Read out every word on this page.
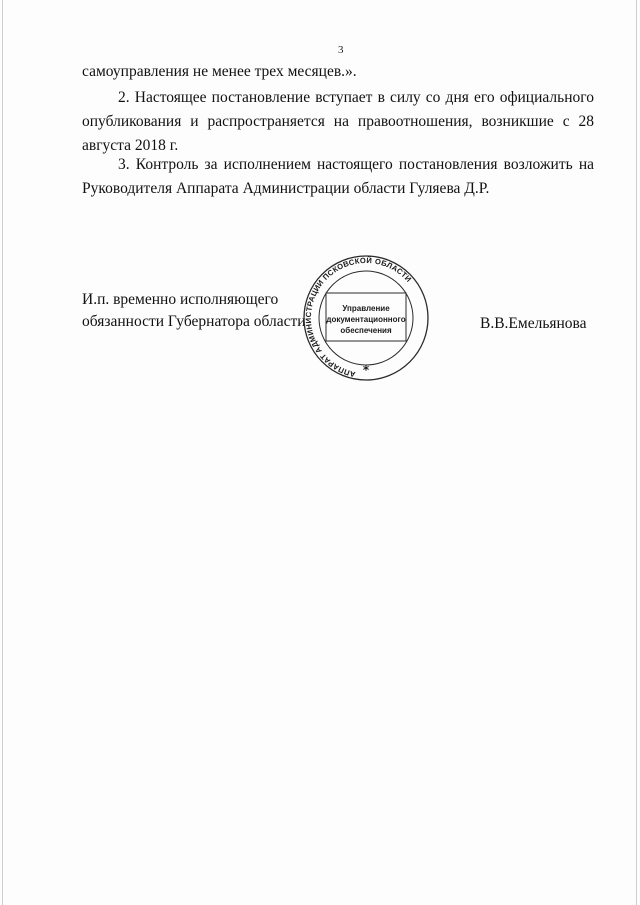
3
самоуправления не менее трех месяцев.».
2. Настоящее постановление вступает в силу со дня его официального опубликования и распространяется на правоотношения, возникшие с 28 августа 2018 г.
3. Контроль за исполнением настоящего постановления возложить на Руководителя Аппарата Администрации области Гуляева Д.Р.
И.п. временно исполняющего
обязанности Губернатора области
АППАРАТ АДМИНИСТРАЦИИ ПСКОВСКОЙ ОБЛАСТИ
Управление
документационного
обеспечения
*
В.В.Емельянова
